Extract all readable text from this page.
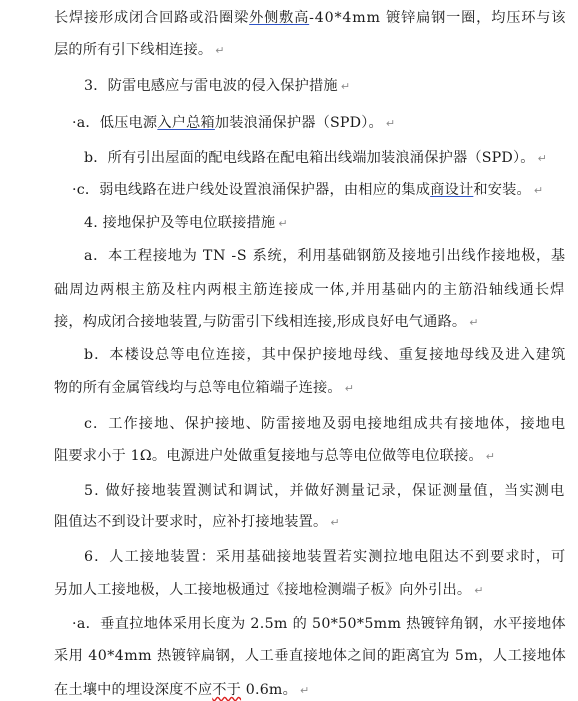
长焊接形成闭合回路或沿圈梁外侧敷高-40*4mm 镀锌扁钢一圈，均压环与该
层的所有引下线相连接。 ↵
3．防雷电感应与雷电波的侵入保护措施 ↵
·a．低压电源入户总箱加装浪涌保护器（SPD）。 ↵
b．所有引出屋面的配电线路在配电箱出线端加装浪涌保护器（SPD）。 ↵
·c．弱电线路在进户线处设置浪涌保护器，由相应的集成商设计和安装。 ↵
4. 接地保护及等电位联接措施 ↵
a．本工程接地为 TN -S 系统，利用基础钢筋及接地引出线作接地极，基
础周边两根主筋及柱内两根主筋连接成一体,并用基础内的主筋沿轴线通长焊
接，构成闭合接地装置,与防雷引下线相连接,形成良好电气通路。 ↵
b．本楼设总等电位连接，其中保护接地母线、重复接地母线及进入建筑
物的所有金属管线均与总等电位箱端子连接。 ↵
c．工作接地、保护接地、防雷接地及弱电接地组成共有接地体，接地电
阻要求小于 1Ω。电源进户处做重复接地与总等电位做等电位联接。 ↵
5. 做好接地装置测试和调试，并做好测量记录，保证测量值，当实测电
阻值达不到设计要求时，应补打接地装置。 ↵
6．人工接地装置：采用基础接地装置若实测拉地电阻达不到要求时，可
另加人工接地极，人工接地极通过《接地检测端子板》向外引出。 ↵
·a．垂直拉地体采用长度为 2.5m 的 50*50*5mm 热镀锌角钢，水平接地体
采用 40*4mm 热镀锌扁钢，人工垂直接地体之间的距离宜为 5m，人工接地体
在土壤中的埋设深度不应不于 0.6m。 ↵
